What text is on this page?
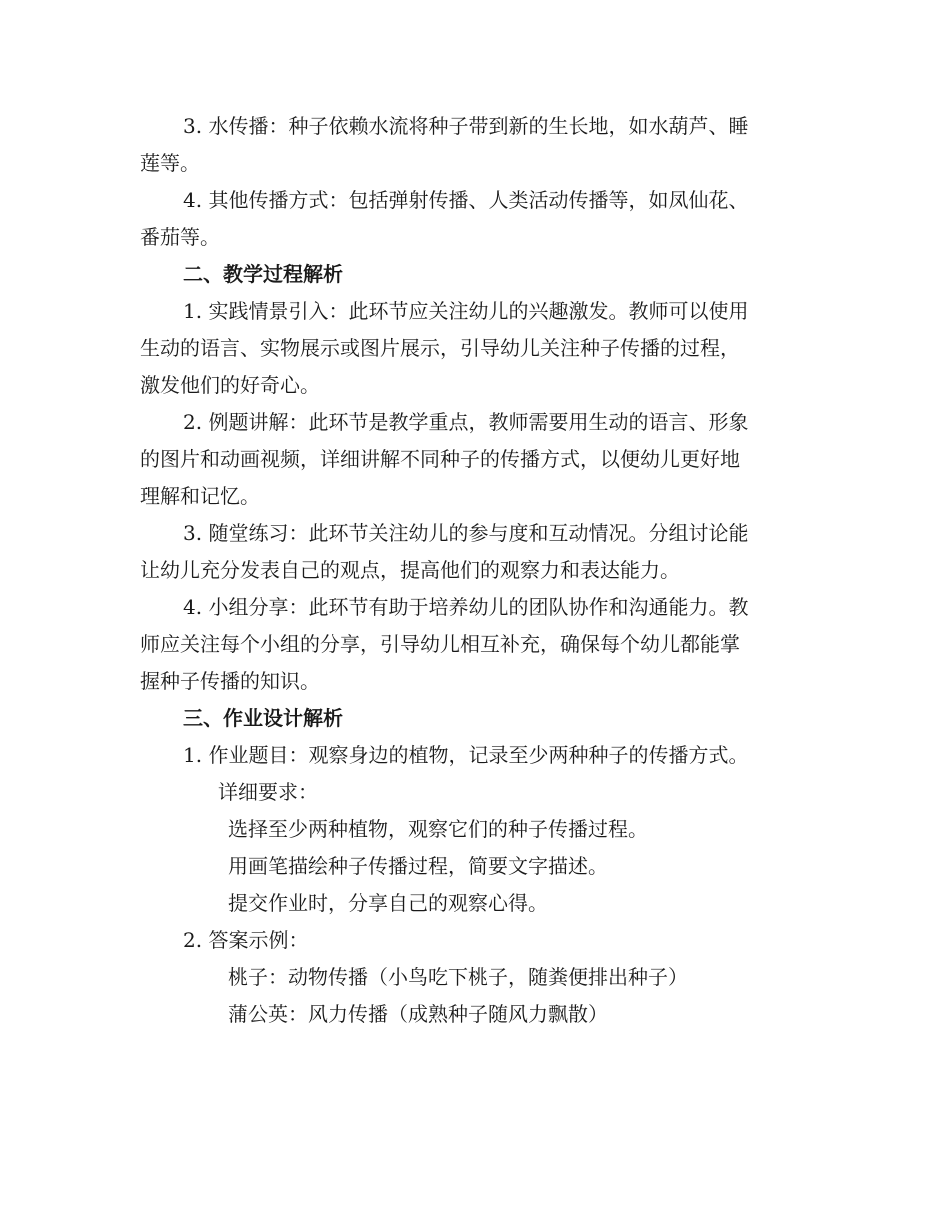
3. 水传播：种子依赖水流将种子带到新的生长地，如水葫芦、睡
莲等。
4. 其他传播方式：包括弹射传播、人类活动传播等，如凤仙花、
番茄等。
二、教学过程解析
1. 实践情景引入：此环节应关注幼儿的兴趣激发。教师可以使用
生动的语言、实物展示或图片展示，引导幼儿关注种子传播的过程，
激发他们的好奇心。
2. 例题讲解：此环节是教学重点，教师需要用生动的语言、形象
的图片和动画视频，详细讲解不同种子的传播方式，以便幼儿更好地
理解和记忆。
3. 随堂练习：此环节关注幼儿的参与度和互动情况。分组讨论能
让幼儿充分发表自己的观点，提高他们的观察力和表达能力。
4. 小组分享：此环节有助于培养幼儿的团队协作和沟通能力。教
师应关注每个小组的分享，引导幼儿相互补充，确保每个幼儿都能掌
握种子传播的知识。
三、作业设计解析
1. 作业题目：观察身边的植物，记录至少两种种子的传播方式。
详细要求：
选择至少两种植物，观察它们的种子传播过程。
用画笔描绘种子传播过程，简要文字描述。
提交作业时，分享自己的观察心得。
2. 答案示例：
桃子：动物传播（小鸟吃下桃子，随粪便排出种子）
蒲公英：风力传播（成熟种子随风力飘散）
